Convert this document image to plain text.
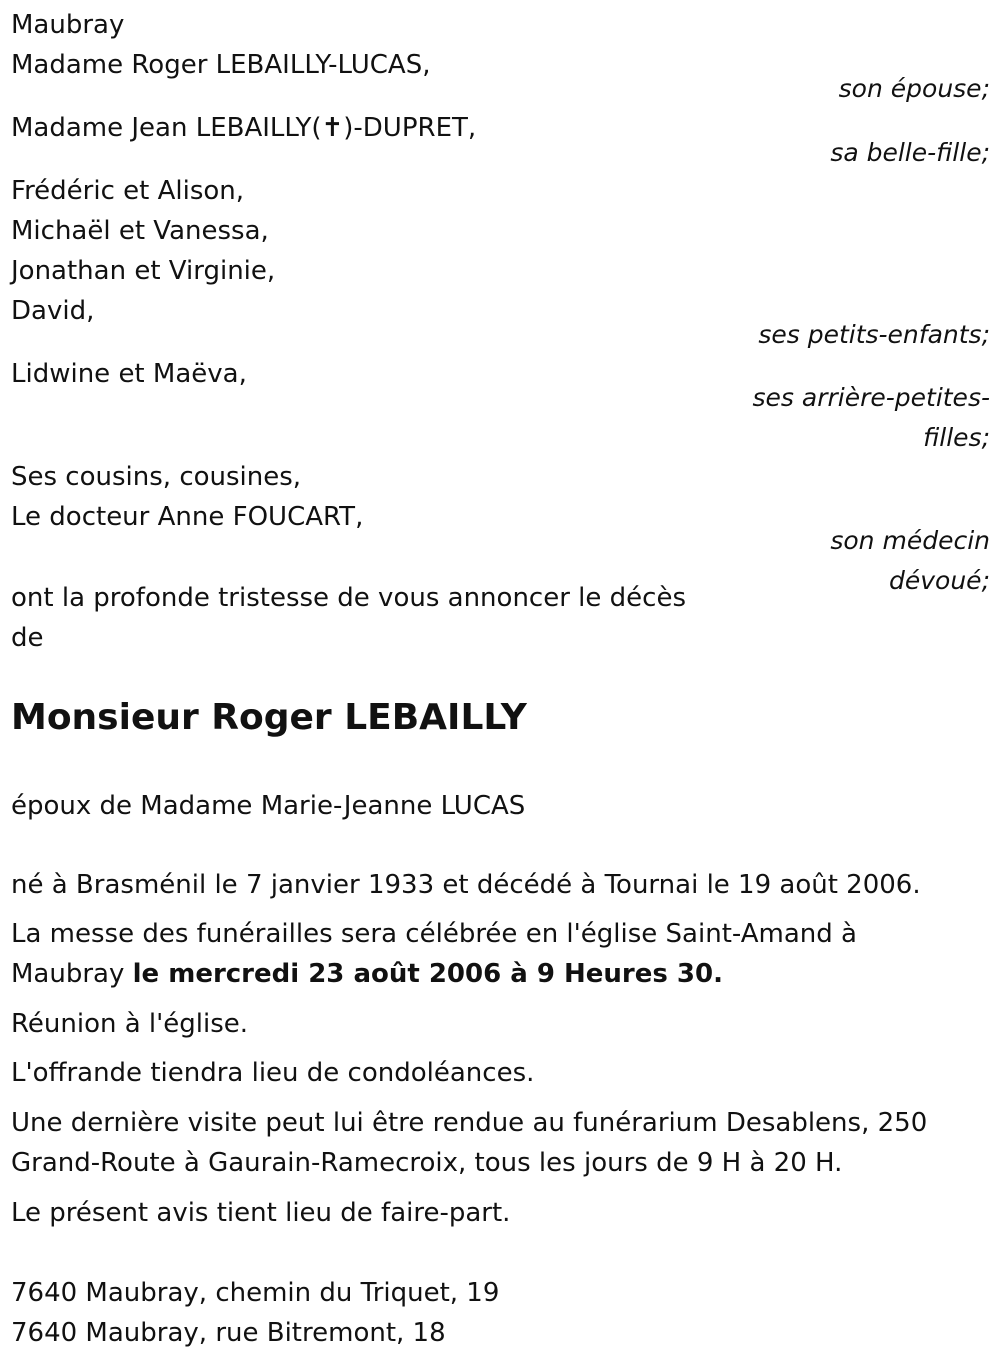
Maubray
Madame Roger LEBAILLY-LUCAS,
son épouse;
Madame Jean LEBAILLY(✝)-DUPRET,
sa belle-fille;
Frédéric et Alison,
Michaël et Vanessa,
Jonathan et Virginie,
David,
ses petits-enfants;
Lidwine et Maëva,
ses arrière-petites-
filles;
Ses cousins, cousines,
Le docteur Anne FOUCART,
son médecin
dévoué;
ont la profonde tristesse de vous annoncer le décès
de
Monsieur Roger LEBAILLY
époux de Madame Marie-Jeanne LUCAS
né à Brasménil le 7 janvier 1933 et décédé à Tournai le 19 août 2006.
La messe des funérailles sera célébrée en l'église Saint-Amand à
Maubray le mercredi 23 août 2006 à 9 Heures 30.
Réunion à l'église.
L'offrande tiendra lieu de condoléances.
Une dernière visite peut lui être rendue au funérarium Desablens, 250
Grand-Route à Gaurain-Ramecroix, tous les jours de 9 H à 20 H.
Le présent avis tient lieu de faire-part.
7640 Maubray, chemin du Triquet, 19
7640 Maubray, rue Bitremont, 18
